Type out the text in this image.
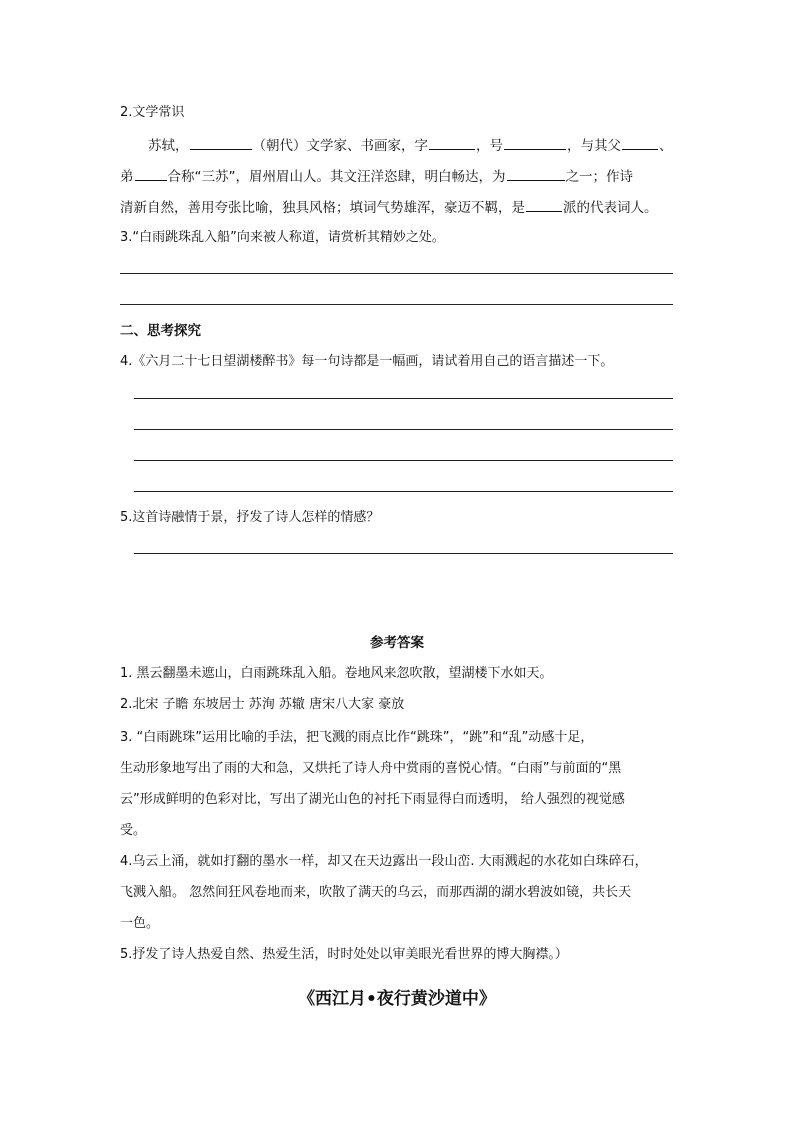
2.文学常识
苏轼，	（朝代）文学家、书画家，字	，号	，与其父	、
弟	合称“三苏”，眉州眉山人。其文汪洋恣肆，明白畅达，为	之一；作诗
清新自然，善用夸张比喻，独具风格；填词气势雄浑，豪迈不羁，是	派的代表词人。
3.“白雨跳珠乱入船”向来被人称道，请赏析其精妙之处。
二、思考探究
4.《六月二十七日望湖楼醉书》每一句诗都是一幅画，请试着用自己的语言描述一下。
5.这首诗融情于景，抒发了诗人怎样的情感？
参考答案
1. 黑云翻墨未遮山，白雨跳珠乱入船。卷地风来忽吹散，望湖楼下水如天。
2.北宋 子瞻 东坡居士 苏洵 苏辙 唐宋八大家 豪放
3. “白雨跳珠”运用比喻的手法，把飞溅的雨点比作“跳珠”，“跳”和“乱”动感十足，
生动形象地写出了雨的大和急，又烘托了诗人舟中赏雨的喜悦心情。“白雨”与前面的“黑
云”形成鲜明的色彩对比，写出了湖光山色的衬托下雨显得白而透明， 给人强烈的视觉感
受。
4.乌云上涌，就如打翻的墨水一样，却又在天边露出一段山峦. 大雨溅起的水花如白珠碎石，
飞溅入船。 忽然间狂风卷地而来，吹散了满天的乌云，而那西湖的湖水碧波如镜，共长天
一色。
5.抒发了诗人热爱自然、热爱生活，时时处处以审美眼光看世界的博大胸襟。）
《西江月•夜行黄沙道中》
